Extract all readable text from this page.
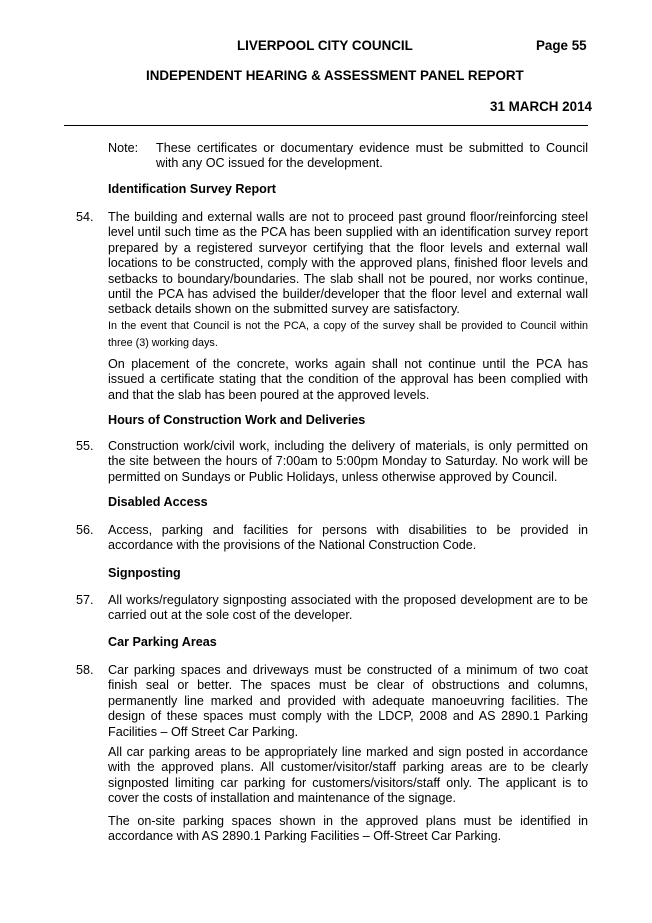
LIVERPOOL CITY COUNCIL	Page 55
INDEPENDENT HEARING & ASSESSMENT PANEL REPORT
31 MARCH 2014
Note: These certificates or documentary evidence must be submitted to Council with any OC issued for the development.
Identification Survey Report
54. The building and external walls are not to proceed past ground floor/reinforcing steel level until such time as the PCA has been supplied with an identification survey report prepared by a registered surveyor certifying that the floor levels and external wall locations to be constructed, comply with the approved plans, finished floor levels and setbacks to boundary/boundaries. The slab shall not be poured, nor works continue, until the PCA has advised the builder/developer that the floor level and external wall setback details shown on the submitted survey are satisfactory.
In the event that Council is not the PCA, a copy of the survey shall be provided to Council within three (3) working days.
On placement of the concrete, works again shall not continue until the PCA has issued a certificate stating that the condition of the approval has been complied with and that the slab has been poured at the approved levels.
Hours of Construction Work and Deliveries
55. Construction work/civil work, including the delivery of materials, is only permitted on the site between the hours of 7:00am to 5:00pm Monday to Saturday. No work will be permitted on Sundays or Public Holidays, unless otherwise approved by Council.
Disabled Access
56. Access, parking and facilities for persons with disabilities to be provided in accordance with the provisions of the National Construction Code.
Signposting
57. All works/regulatory signposting associated with the proposed development are to be carried out at the sole cost of the developer.
Car Parking Areas
58. Car parking spaces and driveways must be constructed of a minimum of two coat finish seal or better. The spaces must be clear of obstructions and columns, permanently line marked and provided with adequate manoeuvring facilities. The design of these spaces must comply with the LDCP, 2008 and AS 2890.1 Parking Facilities – Off Street Car Parking.
All car parking areas to be appropriately line marked and sign posted in accordance with the approved plans. All customer/visitor/staff parking areas are to be clearly signposted limiting car parking for customers/visitors/staff only. The applicant is to cover the costs of installation and maintenance of the signage.
The on-site parking spaces shown in the approved plans must be identified in accordance with AS 2890.1 Parking Facilities – Off-Street Car Parking.
